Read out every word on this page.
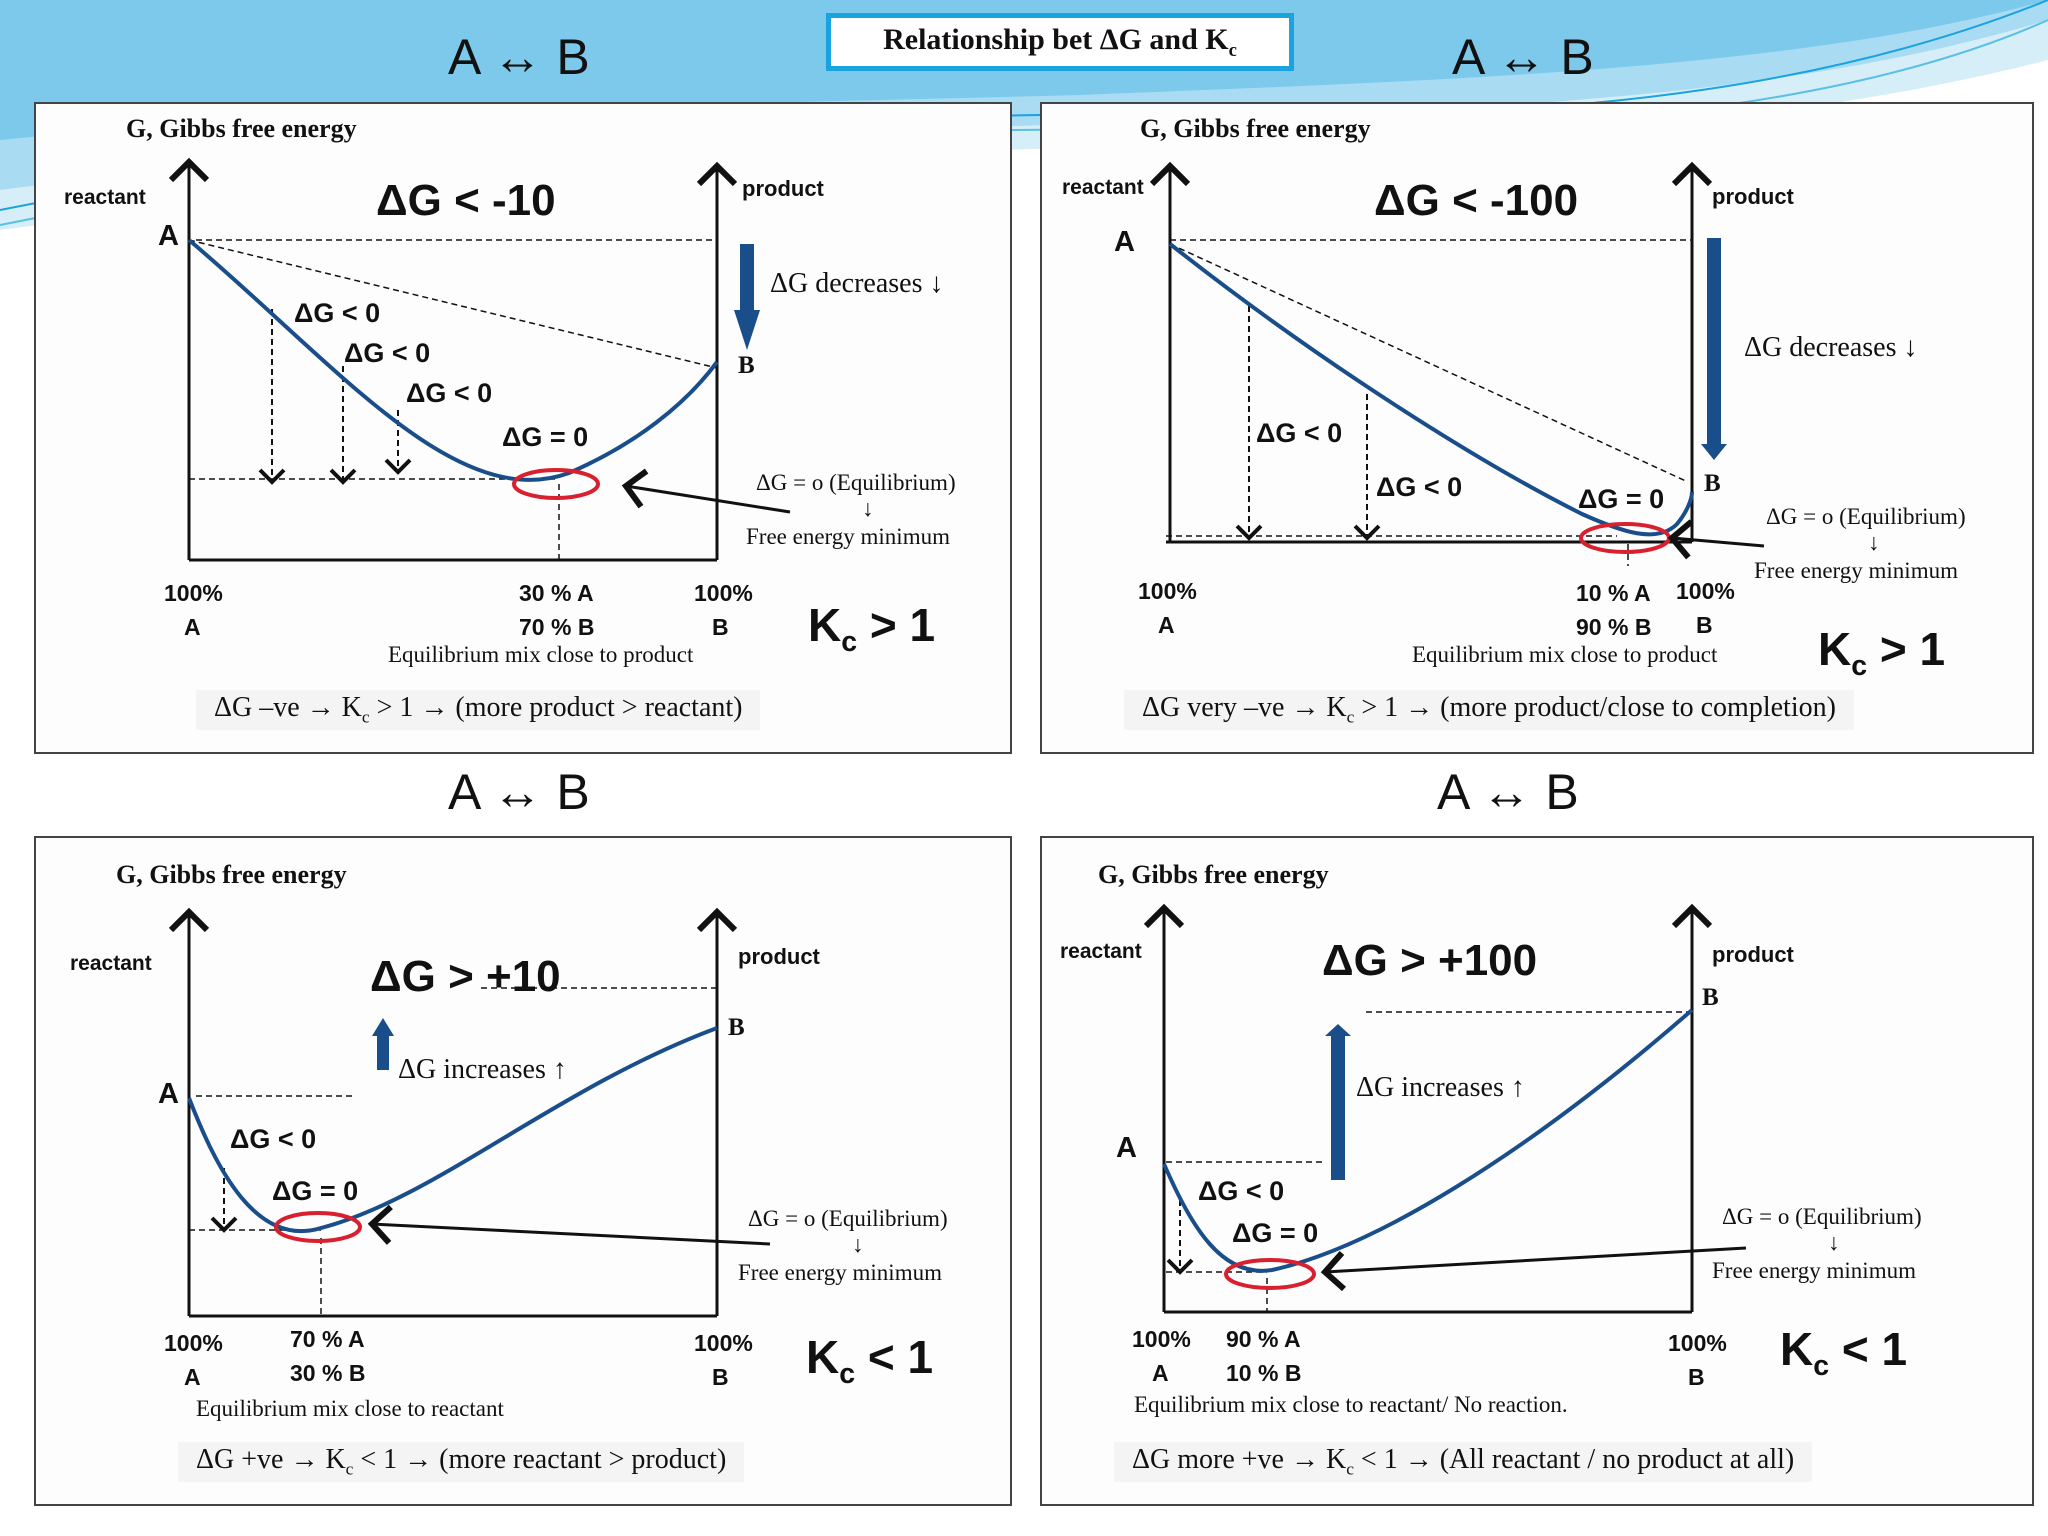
Relationship bet ΔG and $K_c$
A ↔ B	A ↔ B
A ↔ B	A ↔ B
G, Gibbs free energy
reactant	product
A
B
ΔG < -10
ΔG decreases ↓
ΔG < 0
ΔG < 0
ΔG < 0
ΔG = 0
ΔG = o (Equilibrium)
↓
Free energy minimum
100%
A
30 % A
70 % B
100%
B
Equilibrium mix close to product
$K_c > 1$
ΔG $-ve \to K_c > 1$ → (more product > reactant)
G, Gibbs free energy
reactant	product
A
B
ΔG < -100
ΔG decreases ↓
ΔG < 0
ΔG < 0	ΔG = 0
ΔG = o (Equilibrium)
↓
Free energy minimum
100%
A
10 % A
90 % B
100%
B
Equilibrium mix close to product $K_c > 1$
ΔG very $-ve \to K_c > 1$ → (more product/close to completion)
G, Gibbs free energy
reactant	product
A
B
ΔG > +10
ΔG increases ↑
ΔG < 0
ΔG = 0
ΔG = o (Equilibrium)
↓
Free energy minimum
100%
A
70 % A
30 % B
100%
B
Equilibrium mix close to reactant
$K_c < 1$
$\Delta G +ve \to K_c < 1$ → (more reactant > product)
G, Gibbs free energy
reactant	product
A
B
ΔG > +100
ΔG increases ↑
ΔG < 0
ΔG = 0
ΔG = o (Equilibrium)
↓
Free energy minimum
100%
A
90 % A
10 % B
100%
B
Equilibrium mix close to reactant/ No reaction.
$K_c < 1$
ΔG more $+ve \to K_c < 1 \to (All$ reactant / no product at all)
